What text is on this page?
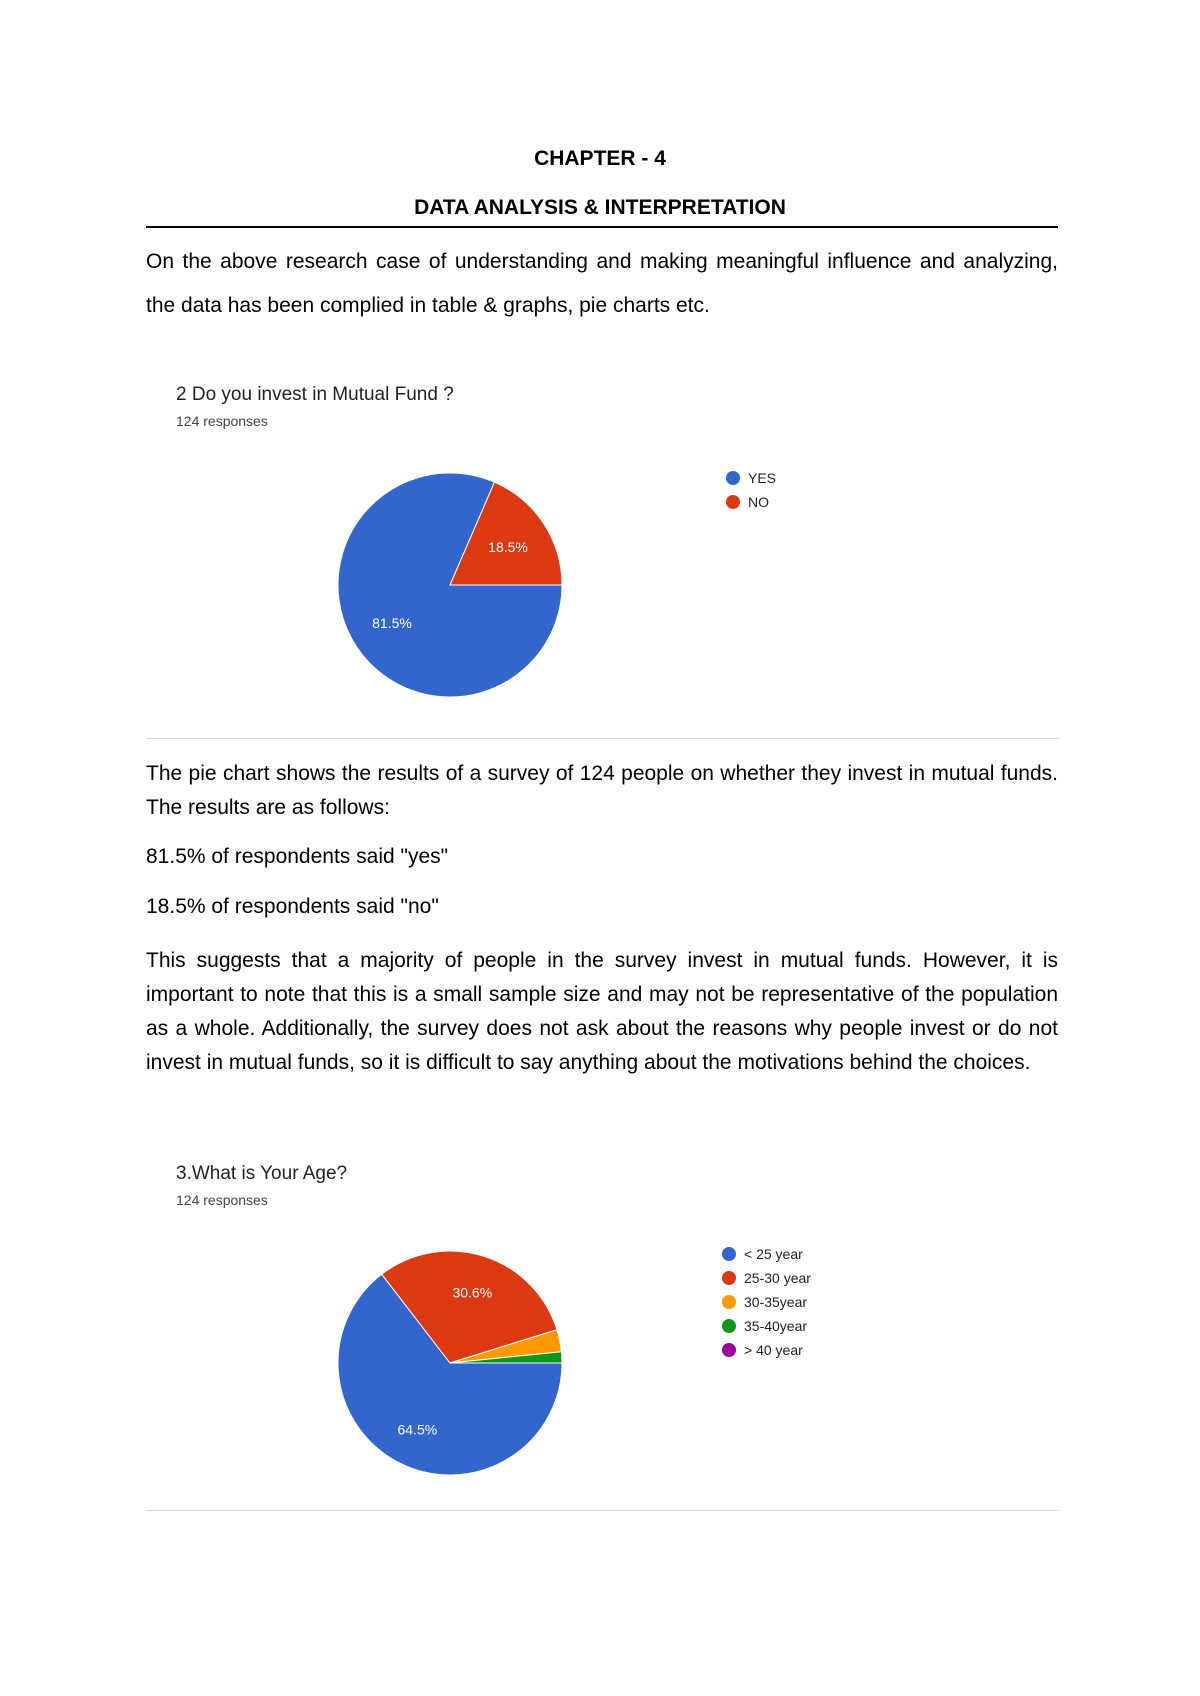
CHAPTER - 4
DATA ANALYSIS & INTERPRETATION
On the above research case of understanding and making meaningful influence and analyzing, the data has been complied in table & graphs, pie charts etc.
2 Do you invest in Mutual Fund ?
124 responses
81.5%
18.5%
YES
NO
The pie chart shows the results of a survey of 124 people on whether they invest in mutual funds. The results are as follows:
81.5% of respondents said "yes"
18.5% of respondents said "no"
This suggests that a majority of people in the survey invest in mutual funds. However, it is important to note that this is a small sample size and may not be representative of the population as a whole. Additionally, the survey does not ask about the reasons why people invest or do not invest in mutual funds, so it is difficult to say anything about the motivations behind the choices.
3.What is Your Age?
124 responses
64.5%
30.6%
< 25 year
25-30 year
30-35year
35-40year
> 40 year
